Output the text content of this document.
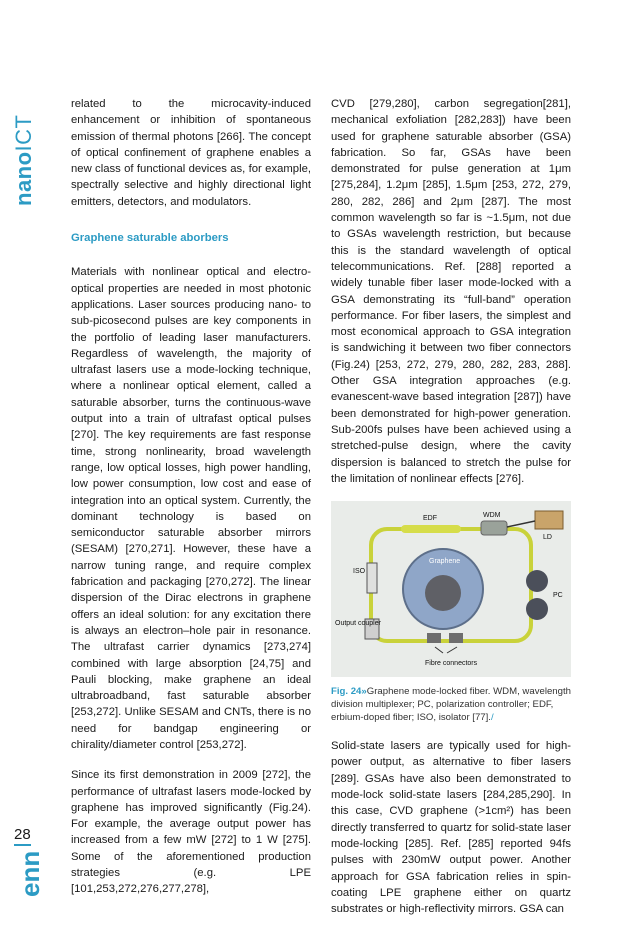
nanoICT
28
enn

related to the microcavity-induced enhancement or inhibition of spontaneous emission of thermal photons [266]. The concept of optical confinement of graphene enables a new class of functional devices as, for example, spectrally selective and highly directional light emitters, detectors, and modulators.

Graphene saturable aborbers

Materials with nonlinear optical and electro-optical properties are needed in most photonic applications. Laser sources producing nano- to sub-picosecond pulses are key components in the portfolio of leading laser manufacturers. Regardless of wavelength, the majority of ultrafast lasers use a mode-locking technique, where a nonlinear optical element, called a saturable absorber, turns the continuous-wave output into a train of ultrafast optical pulses [270]. The key requirements are fast response time, strong nonlinearity, broad wavelength range, low optical losses, high power handling, low power consumption, low cost and ease of integration into an optical system. Currently, the dominant technology is based on semiconductor saturable absorber mirrors (SESAM) [270,271]. However, these have a narrow tuning range, and require complex fabrication and packaging [270,272]. The linear dispersion of the Dirac electrons in graphene offers an ideal solution: for any excitation there is always an electron–hole pair in resonance. The ultrafast carrier dynamics [273,274] combined with large absorption [24,75] and Pauli blocking, make graphene an ideal ultrabroadband, fast saturable absorber [253,272]. Unlike SESAM and CNTs, there is no need for bandgap engineering or chirality/diameter control [253,272].

Since its first demonstration in 2009 [272], the performance of ultrafast lasers mode-locked by graphene has improved significantly (Fig.24). For example, the average output power has increased from a few mW [272] to 1 W [275]. Some of the aforementioned production strategies (e.g. LPE [101,253,272,276,277,278],

CVD [279,280], carbon segregation[281], mechanical exfoliation [282,283]) have been used for graphene saturable absorber (GSA) fabrication. So far, GSAs have been demonstrated for pulse generation at 1μm [275,284], 1.2μm [285], 1.5μm [253, 272, 279, 280, 282, 286] and 2μm [287]. The most common wavelength so far is ~1.5μm, not due to GSAs wavelength restriction, but because this is the standard wavelength of optical telecommunications. Ref. [288] reported a widely tunable fiber laser mode-locked with a GSA demonstrating its “full-band” operation performance. For fiber lasers, the simplest and most economical approach to GSA integration is sandwiching it between two fiber connectors (Fig.24) [253, 272, 279, 280, 282, 283, 288]. Other GSA integration approaches (e.g. evanescent-wave based integration [287]) have been demonstrated for high-power generation. Sub-200fs pulses have been achieved using a stretched-pulse design, where the cavity dispersion is balanced to stretch the pulse for the limitation of nonlinear effects [276].

EDF	WDM
LD
ISO
Graphene
PC
Output coupler
Fibre connectors
Fig. 24»Graphene mode-locked fiber. WDM, wavelength division multiplexer; PC, polarization controller; EDF, erbium-doped fiber; ISO, isolator [77]./

Solid-state lasers are typically used for high-power output, as alternative to fiber lasers [289]. GSAs have also been demonstrated to mode-lock solid-state lasers [284,285,290]. In this case, CVD graphene (>1cm²) has been directly transferred to quartz for solid-state laser mode-locking [285]. Ref. [285] reported 94fs pulses with 230mW output power. Another approach for GSA fabrication relies in spin-coating LPE graphene either on quartz substrates or high-reflectivity mirrors. GSA can
